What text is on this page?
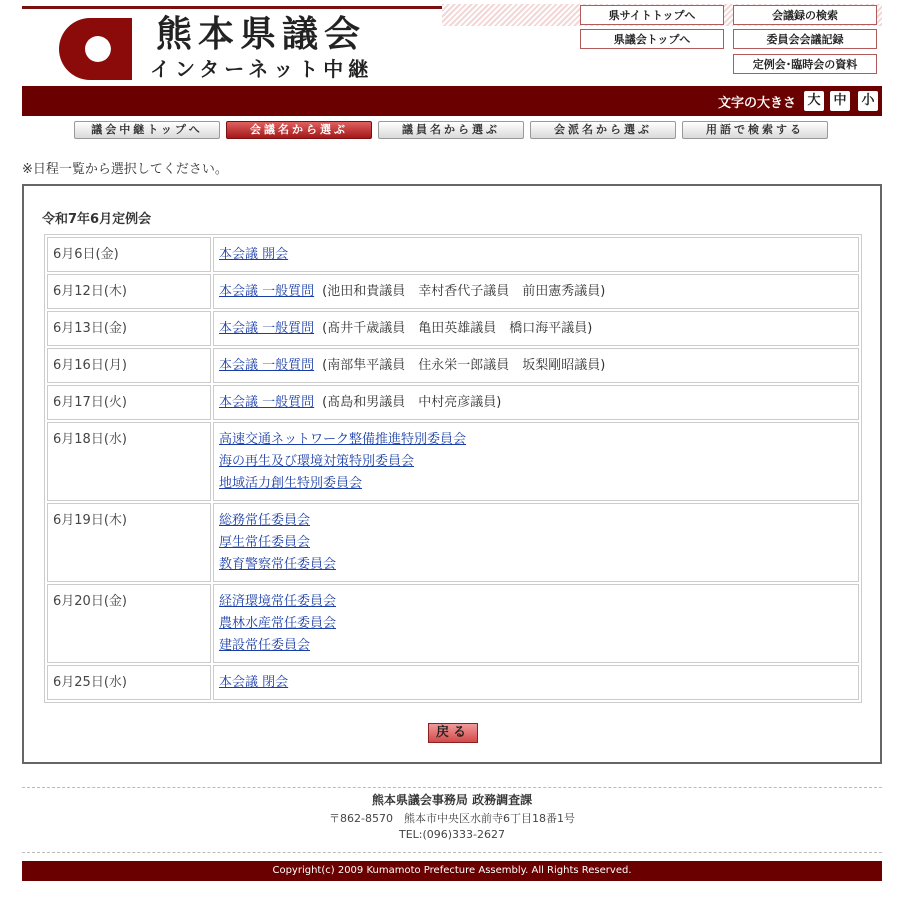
熊本県議会
インターネット中継
県サイトトップへ	会議録の検索
県議会トップへ	委員会会議記録
定例会･臨時会の資料
文字の大きさ 大 中 小
議会中継トップへ	会議名から選ぶ	議員名から選ぶ	会派名から選ぶ	用語で検索する
※日程一覧から選択してください。
令和7年6月定例会
6月6日(金)	本会議 開会

6月12日(木)	本会議 一般質問 (池田和貴議員　幸村香代子議員　前田憲秀議員)

6月13日(金)	本会議 一般質問 (髙井千歳議員　亀田英雄議員　橋口海平議員)

6月16日(月)	本会議 一般質問 (南部隼平議員　住永栄一郎議員　坂梨剛昭議員)

6月17日(火)	本会議 一般質問 (髙島和男議員　中村亮彦議員)

6月18日(水)	高速交通ネットワーク整備推進特別委員会
海の再生及び環境対策特別委員会
地域活力創生特別委員会

6月19日(木)	総務常任委員会
厚生常任委員会
教育警察常任委員会

6月20日(金)	経済環境常任委員会
農林水産常任委員会
建設常任委員会

6月25日(水)	本会議 閉会
戻る
熊本県議会事務局 政務調査課
〒862-8570　熊本市中央区水前寺6丁目18番1号
TEL:(096)333-2627
Copyright(c) 2009 Kumamoto Prefecture Assembly. All Rights Reserved.
